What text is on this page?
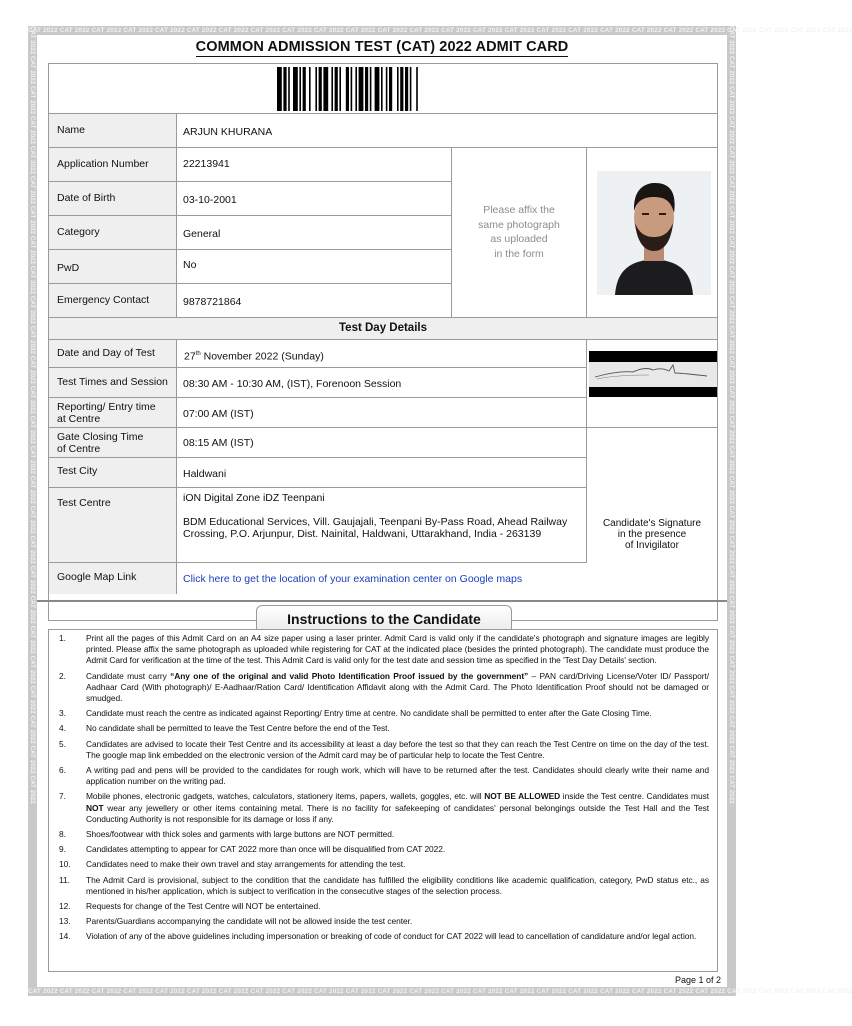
CAT 2022 CAT 2022 CAT 2022 CAT 2022 CAT 2022 CAT 2022 CAT 2022 CAT 2022 CAT 2022 CAT 2022 CAT 2022 CAT 2022 CAT 2022 CAT 2022 CAT 2022 CAT 2022 CAT 2022 CAT 2022 CAT 2022 CAT 2022 CAT 2022 CAT 2022 CAT 2022 CAT 2022 CAT 2022 CAT 2022
CAT 2022 CAT 2022 CAT 2022 CAT 2022 CAT 2022 CAT 2022 CAT 2022 CAT 2022 CAT 2022 CAT 2022 CAT 2022 CAT 2022 CAT 2022 CAT 2022 CAT 2022 CAT 2022 CAT 2022 CAT 2022 CAT 2022 CAT 2022 CAT 2022 CAT 2022 CAT 2022 CAT 2022 CAT 2022 CAT 2022
CAT 2022 CAT 2022 CAT 2022 CAT 2022 CAT 2022 CAT 2022 CAT 2022 CAT 2022 CAT 2022 CAT 2022 CAT 2022 CAT 2022 CAT 2022 CAT 2022 CAT 2022 CAT 2022 CAT 2022 CAT 2022 CAT 2022 CAT 2022 CAT 2022 CAT 2022 CAT 2022 CAT 2022 CAT 2022 CAT 2022	CAT 2022 CAT 2022 CAT 2022 CAT 2022 CAT 2022 CAT 2022 CAT 2022 CAT 2022 CAT 2022 CAT 2022 CAT 2022 CAT 2022 CAT 2022 CAT 2022 CAT 2022 CAT 2022 CAT 2022 CAT 2022 CAT 2022 CAT 2022 CAT 2022 CAT 2022 CAT 2022 CAT 2022 CAT 2022 CAT 2022
COMMON ADMISSION TEST (CAT) 2022 ADMIT CARD
Name	ARJUN KHURANA
Application Number	22213941
Date of Birth	03-10-2001
Category	General
PwD	No
Emergency Contact	9878721864
Please affix the
same photograph
as uploaded
in the form
Test Day Details
Date and Day of Test	27th November 2022 (Sunday)
Test Times and Session	08:30 AM - 10:30 AM, (IST), Forenoon Session
Reporting/ Entry time
at Centre	07:00 AM (IST)
Gate Closing Time
of Centre	08:15 AM (IST)
Test City	Haldwani
Test Centre	iON Digital Zone iDZ Teenpani
BDM Educational Services, Vill. Gaujajali, Teenpani By-Pass Road, Ahead Railway
Crossing, P.O. Arjunpur, Dist. Nainital, Haldwani, Uttarakhand, India - 263139
Google Map Link	Click here to get the location of your examination center on Google maps
Candidate's Signature
in the presence
of Invigilator
Instructions to the Candidate
1. Print all the pages of this Admit Card on an A4 size paper using a laser printer. Admit Card is valid only if the candidate's photograph and signature images are legibly printed. Please affix the same photograph as uploaded while registering for CAT at the indicated place (besides the printed photograph). The candidate must produce the Admit Card for verification at the time of the test. This Admit Card is valid only for the test date and session time as specified in the 'Test Day Details' section.
2. Candidate must carry “Any one of the original and valid Photo Identification Proof issued by the government” – PAN card/Driving License/Voter ID/ Passport/ Aadhaar Card (With photograph)/ E-Aadhaar/Ration Card/ Identification Affidavit along with the Admit Card. The Photo Identification Proof should not be damaged or smudged.
3. Candidate must reach the centre as indicated against Reporting/ Entry time at centre. No candidate shall be permitted to enter after the Gate Closing Time.
4. No candidate shall be permitted to leave the Test Centre before the end of the Test.
5. Candidates are advised to locate their Test Centre and its accessibility at least a day before the test so that they can reach the Test Centre on time on the day of the test. The google map link embedded on the electronic version of the Admit card may be of particular help to locate the Test Centre.
6. A writing pad and pens will be provided to the candidates for rough work, which will have to be returned after the test. Candidates should clearly write their name and application number on the writing pad.
7. Mobile phones, electronic gadgets, watches, calculators, stationery items, papers, wallets, goggles, etc. will NOT BE ALLOWED inside the Test centre. Candidates must NOT wear any jewellery or other items containing metal. There is no facility for safekeeping of candidates' personal belongings outside the Test Hall and the Test Conducting Authority is not responsible for its damage or loss if any.
8. Shoes/footwear with thick soles and garments with large buttons are NOT permitted.
9. Candidates attempting to appear for CAT 2022 more than once will be disqualified from CAT 2022.
10. Candidates need to make their own travel and stay arrangements for attending the test.
11. The Admit Card is provisional, subject to the condition that the candidate has fulfilled the eligibility conditions like academic qualification, category, PwD status etc., as mentioned in his/her application, which is subject to verification in the consecutive stages of the selection process.
12. Requests for change of the Test Centre will NOT be entertained.
13. Parents/Guardians accompanying the candidate will not be allowed inside the test center.
14. Violation of any of the above guidelines including impersonation or breaking of code of conduct for CAT 2022 will lead to cancellation of candidature and/or legal action.
Page 1 of 2
